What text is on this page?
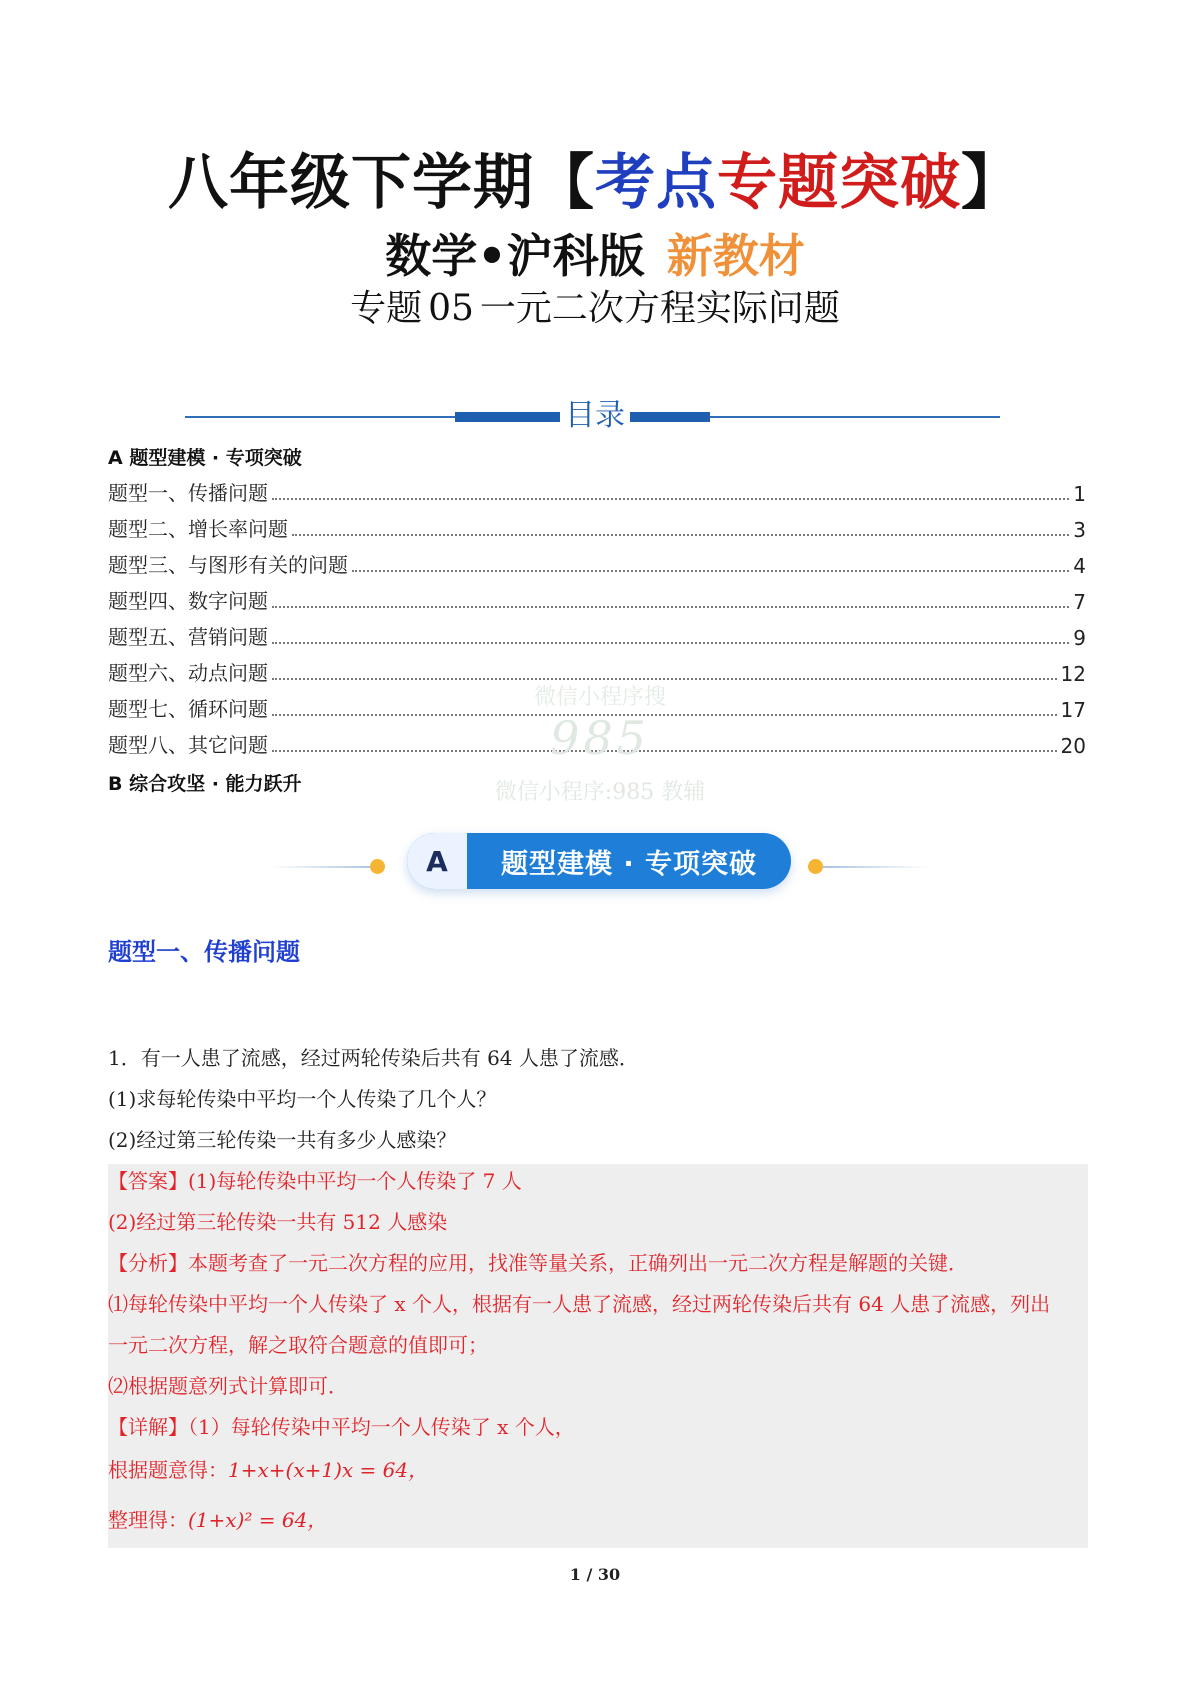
八年级下学期【考点专题突破】
数学•沪科版 新教材
专题 05 一元二次方程实际问题
目录
A 题型建模 · 专项突破
题型一、传播问题	1
题型二、增长率问题	3
题型三、与图形有关的问题	4
题型四、数字问题	7
题型五、营销问题	9
题型六、动点问题	12
题型七、循环问题	17
题型八、其它问题	20
B 综合攻坚 · 能力跃升
微信小程序搜
985
微信小程序:985 教辅
A	题型建模 · 专项突破
题型一、传播问题
1．有一人患了流感，经过两轮传染后共有 64 人患了流感．
(1)求每轮传染中平均一个人传染了几个人？
(2)经过第三轮传染一共有多少人感染？
【答案】(1)每轮传染中平均一个人传染了 7 人
(2)经过第三轮传染一共有 512 人感染
【分析】本题考查了一元二次方程的应用，找准等量关系，正确列出一元二次方程是解题的关键．
⑴每轮传染中平均一个人传染了 x 个人，根据有一人患了流感，经过两轮传染后共有 64 人患了流感，列出
一元二次方程，解之取符合题意的值即可；
⑵根据题意列式计算即可．
【详解】（1）每轮传染中平均一个人传染了 x 个人，
根据题意得：1+x+(x+1)x = 64，
整理得：(1+x)² = 64，
1 / 30
